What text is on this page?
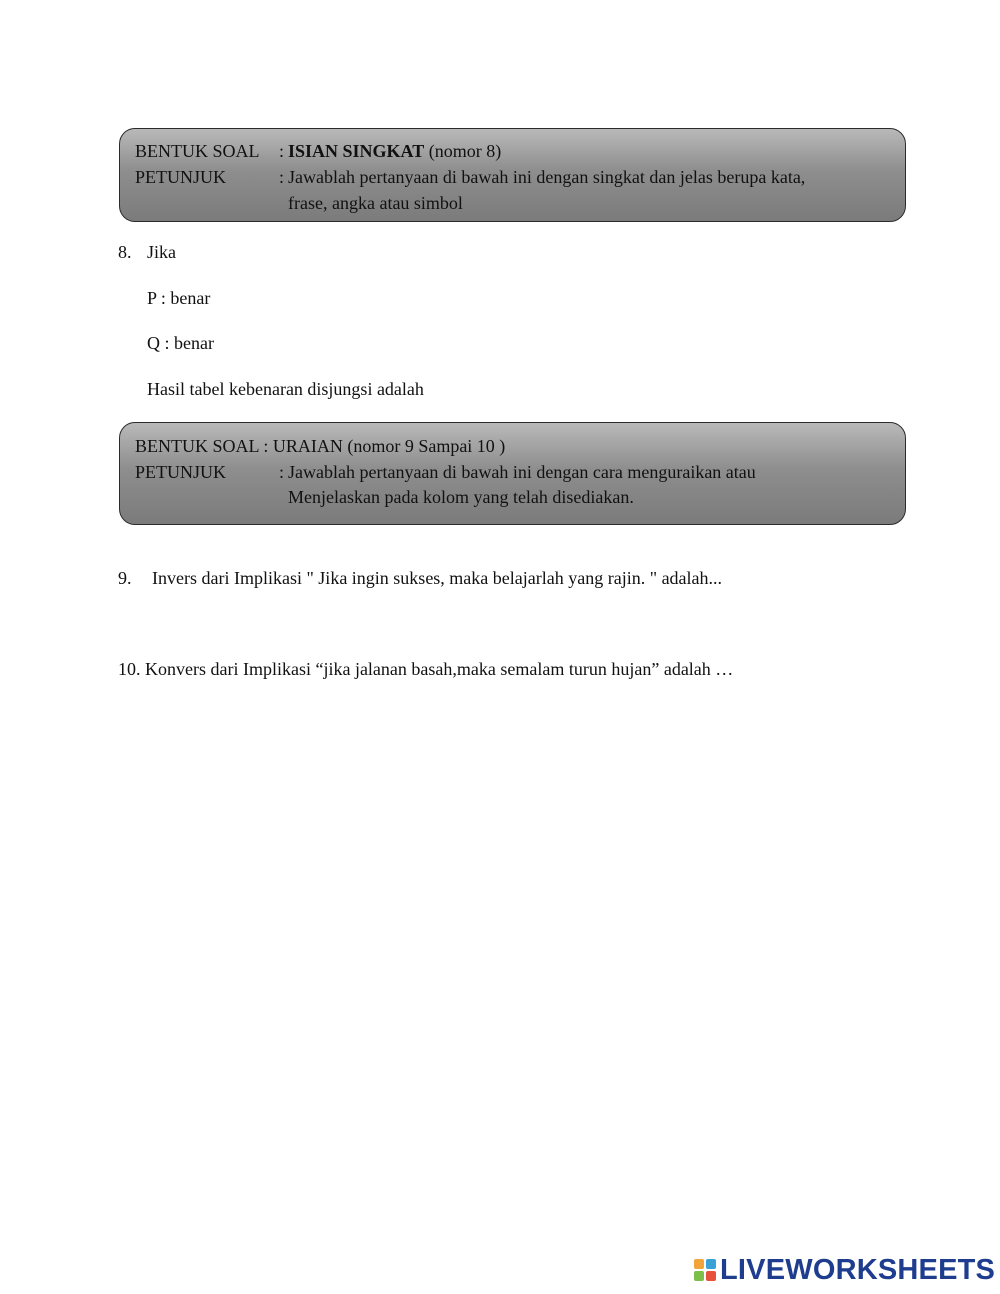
BENTUK SOAL : ISIAN SINGKAT (nomor 8)
PETUNJUK	: Jawablah pertanyaan di bawah ini dengan singkat dan jelas berupa kata,
frase, angka atau simbol
8. Jika
P : benar
Q : benar
Hasil tabel kebenaran disjungsi adalah
BENTUK SOAL : URAIAN (nomor 9 Sampai 10 )
PETUNJUK	: Jawablah pertanyaan di bawah ini dengan cara menguraikan atau
Menjelaskan pada kolom yang telah disediakan.
9. Invers dari Implikasi " Jika ingin sukses, maka belajarlah yang rajin. " adalah...
10. Konvers dari Implikasi “jika jalanan basah,maka semalam turun hujan” adalah …
LIVEWORKSHEETS
